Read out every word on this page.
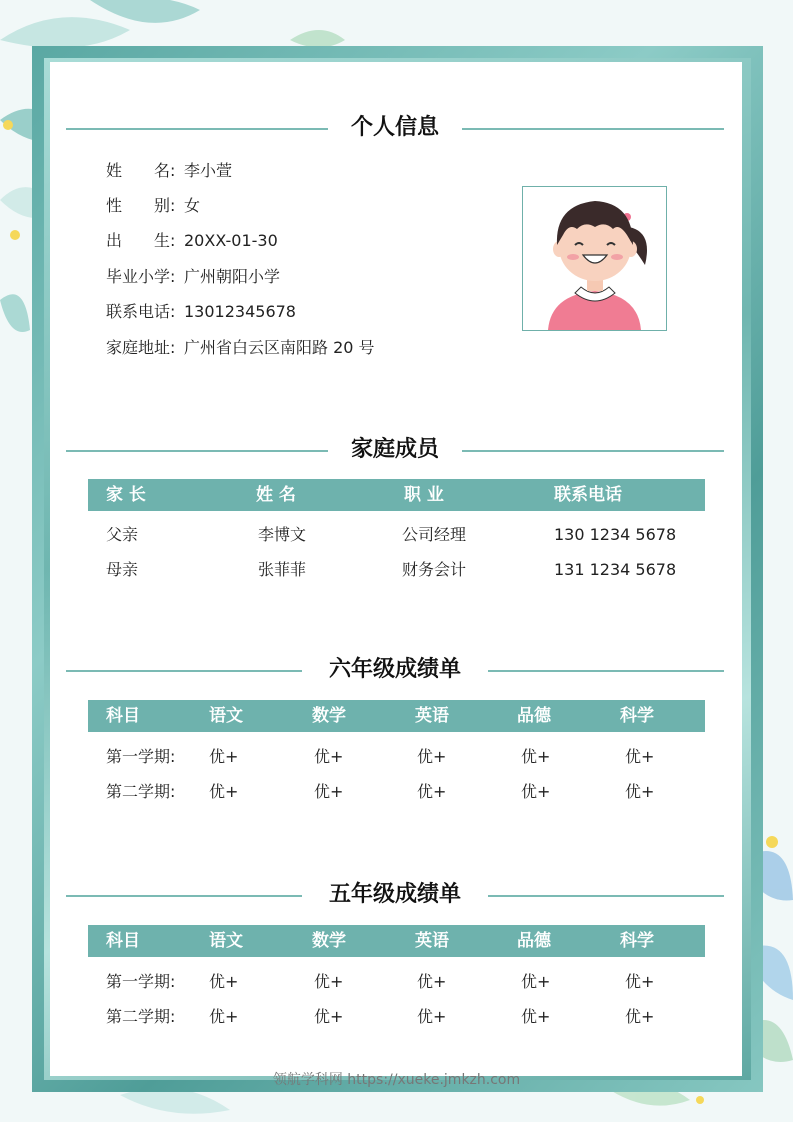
个人信息
姓　　名: 李小萱
性　　别: 女
出　　生: 20XX-01-30
毕业小学: 广州朝阳小学
联系电话: 13012345678
家庭地址: 广州省白云区南阳路 20 号
家庭成员
家 长	姓 名	职 业	联系电话
父亲	李博文	公司经理	130 1234 5678
母亲	张菲菲	财务会计	131 1234 5678
六年级成绩单
科目	语文	数学	英语	品德	科学
第一学期: 优+	优+	优+	优+	优+
第二学期: 优+	优+	优+	优+	优+
五年级成绩单
科目	语文	数学	英语	品德	科学
第一学期: 优+	优+	优+	优+	优+
第二学期: 优+	优+	优+	优+	优+
领航学科网 https://xueke.jmkzh.com
